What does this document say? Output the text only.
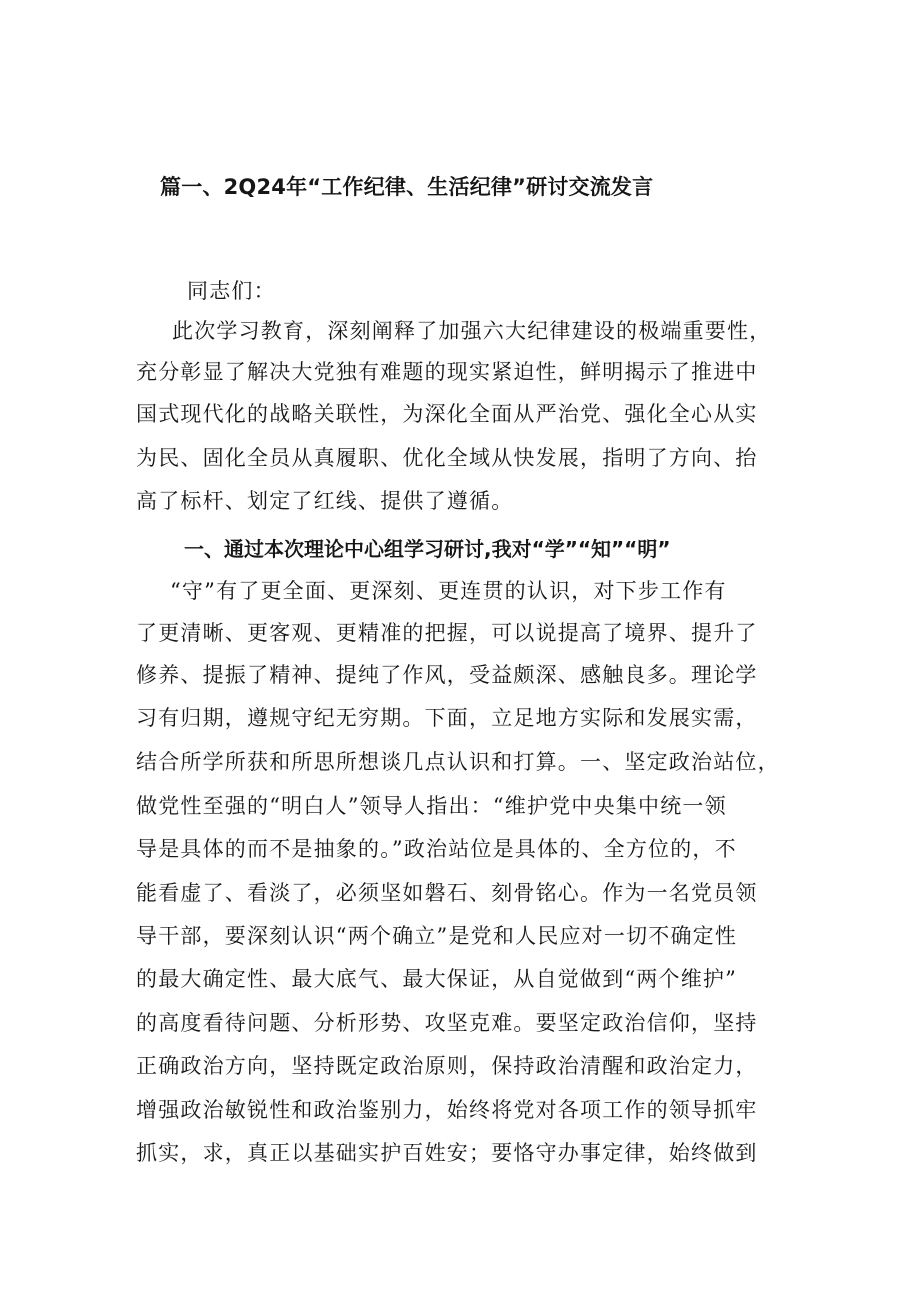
篇一、2Q24年“工作纪律、生活纪律”研讨交流发言
同志们：
此次学习教育，深刻阐释了加强六大纪律建设的极端重要性，
充分彰显了解决大党独有难题的现实紧迫性，鲜明揭示了推进中
国式现代化的战略关联性，为深化全面从严治党、强化全心从实
为民、固化全员从真履职、优化全域从快发展，指明了方向、抬
高了标杆、划定了红线、提供了遵循。
一、通过本次理论中心组学习研讨,我对“学”“知”“明”
“守”有了更全面、更深刻、更连贯的认识，对下步工作有
了更清晰、更客观、更精准的把握，可以说提高了境界、提升了
修养、提振了精神、提纯了作风，受益颇深、感触良多。理论学
习有归期，遵规守纪无穷期。下面，立足地方实际和发展实需，
结合所学所获和所思所想谈几点认识和打算。一、坚定政治站位，
做党性至强的“明白人”领导人指出：“维护党中央集中统一领
导是具体的而不是抽象的。”政治站位是具体的、全方位的，不
能看虚了、看淡了，必须坚如磐石、刻骨铭心。作为一名党员领
导干部，要深刻认识“两个确立”是党和人民应对一切不确定性
的最大确定性、最大底气、最大保证，从自觉做到“两个维护”
的高度看待问题、分析形势、攻坚克难。要坚定政治信仰，坚持
正确政治方向，坚持既定政治原则，保持政治清醒和政治定力，
增强政治敏锐性和政治鉴别力，始终将党对各项工作的领导抓牢
抓实，求，真正以基础实护百姓安；要恪守办事定律，始终做到
